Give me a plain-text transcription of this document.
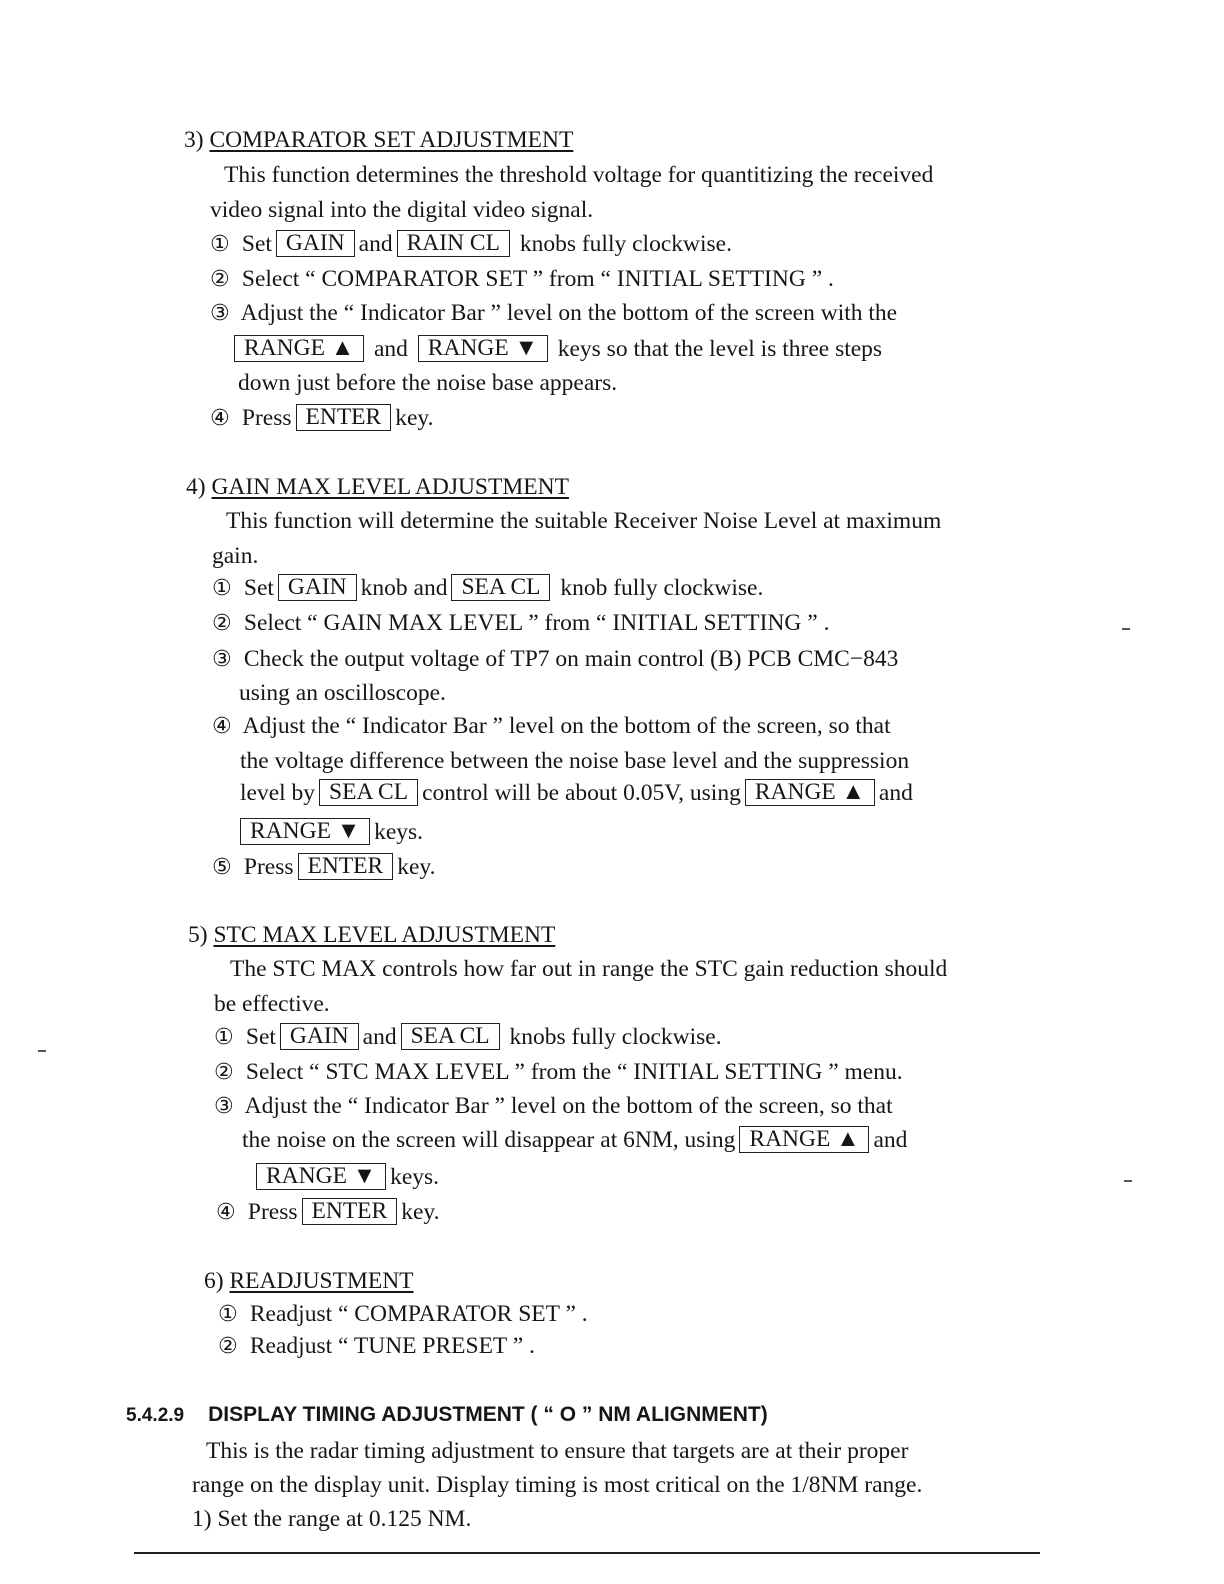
3) COMPARATOR SET ADJUSTMENT
This function determines the threshold voltage for quantitizing the received
video signal into the digital video signal.
① Set GAIN and RAIN CL knobs fully clockwise.
② Select “ COMPARATOR SET ” from “ INITIAL SETTING ” .
③ Adjust the “ Indicator Bar ” level on the bottom of the screen with the
RANGE ▲ and RANGE ▼ keys so that the level is three steps
down just before the noise base appears.
④ Press ENTER key.
4) GAIN MAX LEVEL ADJUSTMENT
This function will determine the suitable Receiver Noise Level at maximum
gain.
① Set GAIN knob and SEA CL knob fully clockwise.
② Select “ GAIN MAX LEVEL ” from “ INITIAL SETTING ” .
③ Check the output voltage of TP7 on main control (B) PCB CMC−843
using an oscilloscope.
④ Adjust the “ Indicator Bar ” level on the bottom of the screen, so that
the voltage difference between the noise base level and the suppression
level by SEA CL control will be about 0.05V, using RANGE ▲ and
RANGE ▼ keys.
⑤ Press ENTER key.
5) STC MAX LEVEL ADJUSTMENT
The STC MAX controls how far out in range the STC gain reduction should
be effective.
① Set GAIN and SEA CL knobs fully clockwise.
② Select “ STC MAX LEVEL ” from the “ INITIAL SETTING ” menu.
③ Adjust the “ Indicator Bar ” level on the bottom of the screen, so that
the noise on the screen will disappear at 6NM, using RANGE ▲ and
RANGE ▼ keys.
④ Press ENTER key.
6) READJUSTMENT
① Readjust “ COMPARATOR SET ” .
② Readjust “ TUNE PRESET ” .
5.4.2.9 DISPLAY TIMING ADJUSTMENT ( “ O ” NM ALIGNMENT)
This is the radar timing adjustment to ensure that targets are at their proper
range on the display unit. Display timing is most critical on the 1/8NM range.
1) Set the range at 0.125 NM.
